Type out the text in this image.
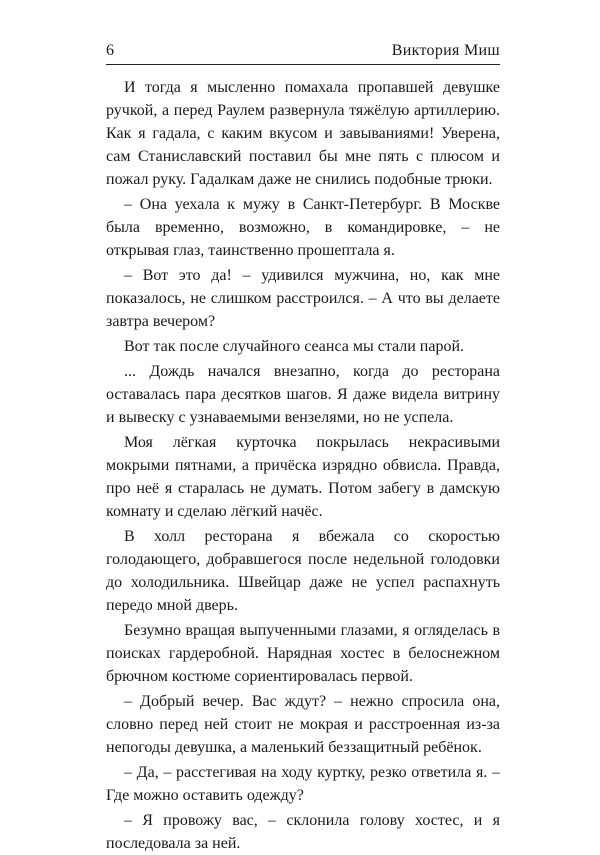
6	Виктория Миш

И тогда я мысленно помахала пропавшей девушке ручкой, а перед Раулем развернула тяжёлую артиллерию. Как я гадала, с каким вкусом и завываниями! Уверена, сам Станиславский поставил бы мне пять с плюсом и пожал руку. Гадалкам даже не снились подобные трюки.

– Она уехала к мужу в Санкт-Петербург. В Москве была временно, возможно, в командировке, – не открывая глаз, таинственно прошептала я.

– Вот это да! – удивился мужчина, но, как мне показалось, не слишком расстроился. – А что вы делаете завтра вечером?

Вот так после случайного сеанса мы стали парой.

... Дождь начался внезапно, когда до ресторана оставалась пара десятков шагов. Я даже видела витрину и вывеску с узнаваемыми вензелями, но не успела.

Моя лёгкая курточка покрылась некрасивыми мокрыми пятнами, а причёска изрядно обвисла. Правда, про неё я старалась не думать. Потом забегу в дамскую комнату и сделаю лёгкий начёс.

В холл ресторана я вбежала со скоростью голодающего, добравшегося после недельной голодовки до холодильника. Швейцар даже не успел распахнуть передо мной дверь.

Безумно вращая выпученными глазами, я огляделась в поисках гардеробной. Нарядная хостес в белоснежном брючном костюме сориентировалась первой.

– Добрый вечер. Вас ждут? – нежно спросила она, словно перед ней стоит не мокрая и расстроенная из-за непогоды девушка, а маленький беззащитный ребёнок.

– Да, – расстегивая на ходу куртку, резко ответила я. – Где можно оставить одежду?

– Я провожу вас, – склонила голову хостес, и я последовала за ней.
